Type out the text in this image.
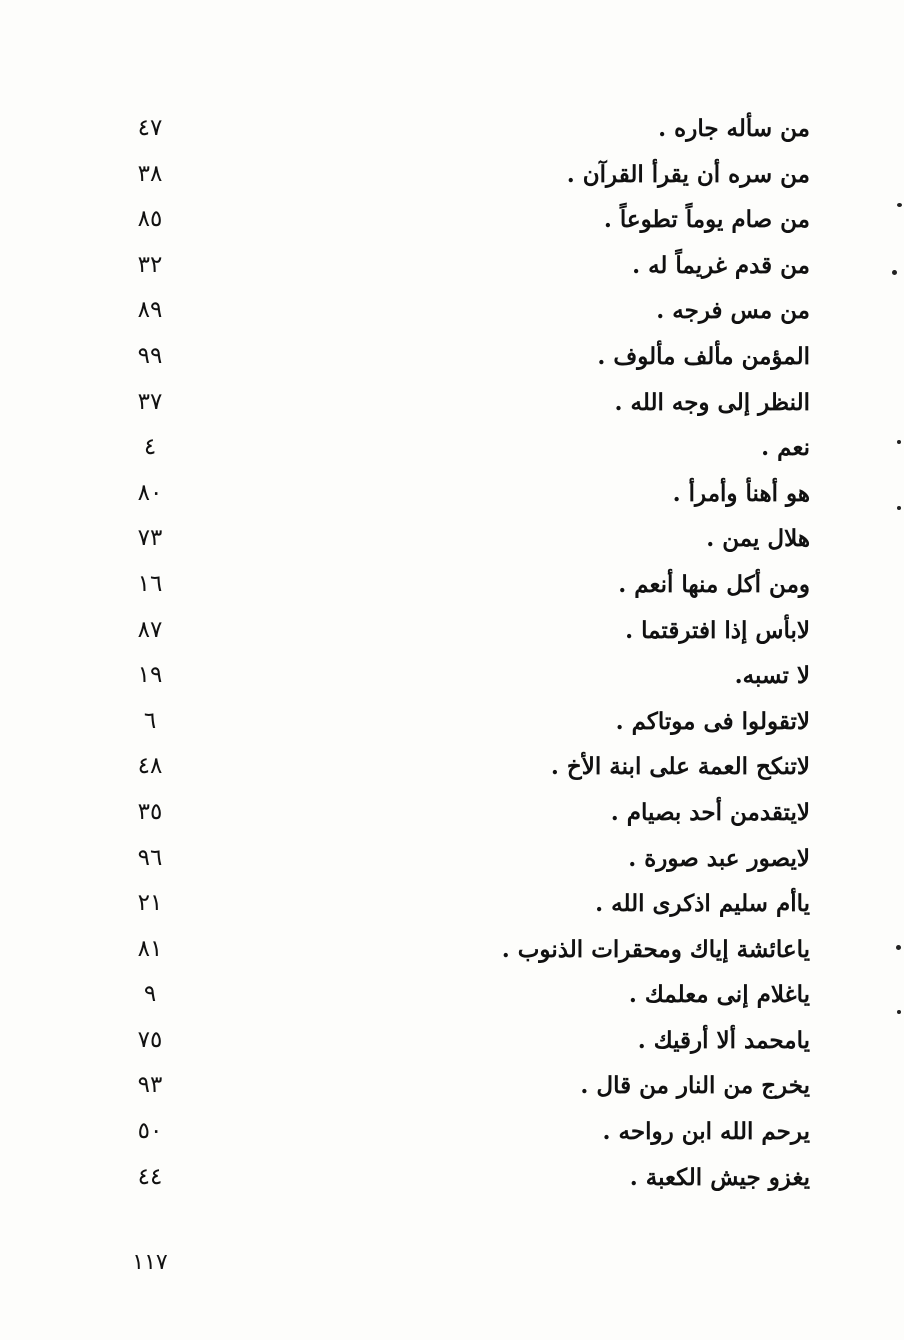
من سأله جاره .
٤٧
من سره أن يقرأ القرآن .
٣٨
من صام يوماً تطوعاً .
٨٥
من قدم غريماً له .
٣٢
من مس فرجه .
٨٩
المؤمن مألف مألوف .
٩٩
النظر إلى وجه الله .
٣٧
نعم .
٤
هو أهنأ وأمرأ .
٨٠
هلال يمن .
٧٣
ومن أكل منها أنعم .
١٦
لابأس إذا افترقتما .
٨٧
لا تسبه.
١٩
لاتقولوا فى موتاكم .
٦
لاتنكح العمة على ابنة الأخ .
٤٨
لايتقدمن أحد بصيام .
٣٥
لايصور عبد صورة .
٩٦
ياأم سليم اذكرى الله .
٢١
ياعائشة إياك ومحقرات الذنوب .
٨١
ياغلام إنى معلمك .
٩
يامحمد ألا أرقيك .
٧٥
يخرج من النار من قال .
٩٣
يرحم الله ابن رواحه .
٥٠
يغزو جيش الكعبة .
٤٤
١١٧
